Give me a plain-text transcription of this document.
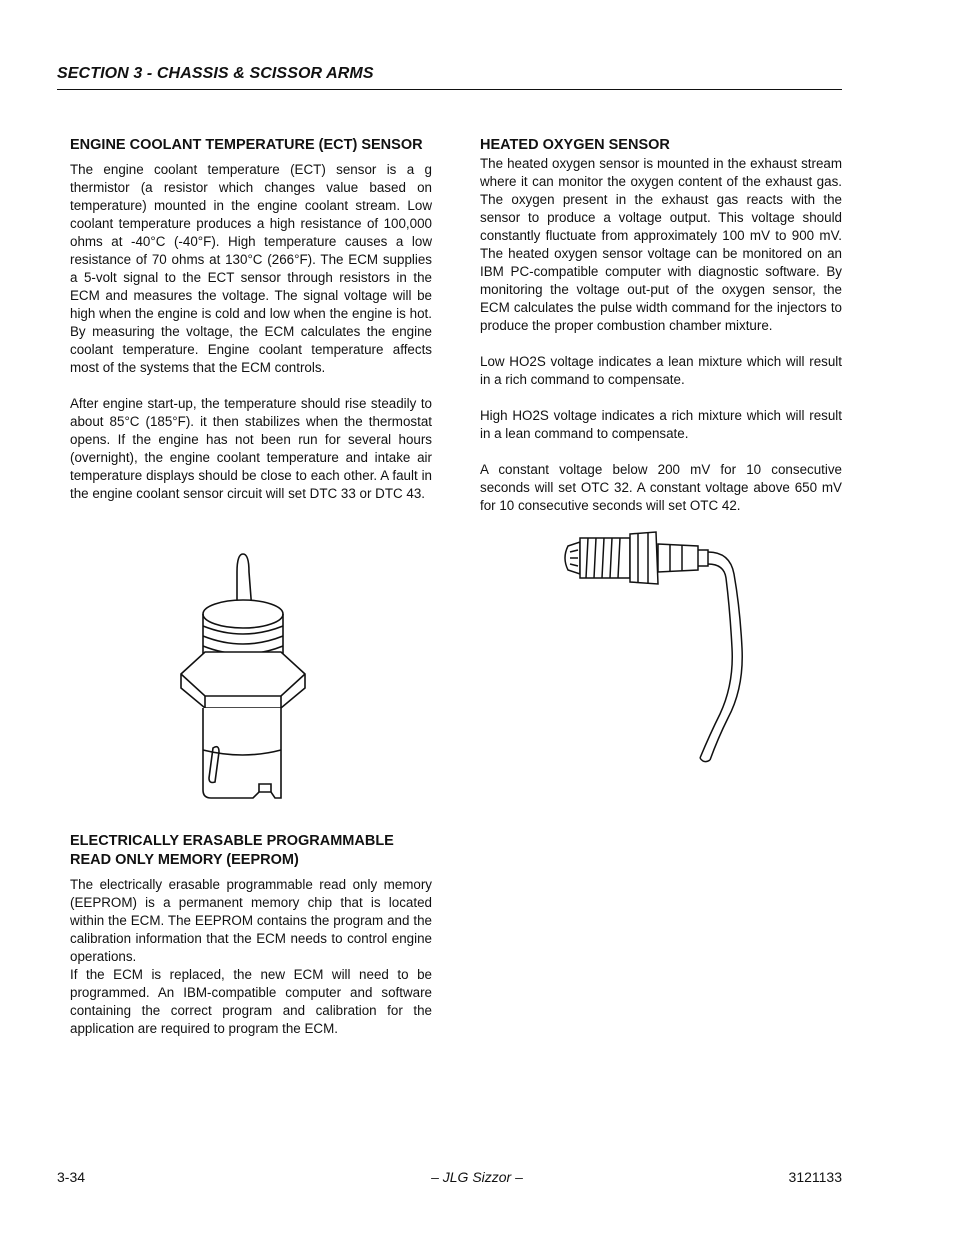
SECTION 3 - CHASSIS & SCISSOR ARMS
ENGINE COOLANT TEMPERATURE (ECT) SENSOR

The engine coolant temperature (ECT) sensor is a g thermistor (a resistor which changes value based on temperature) mounted in the engine coolant stream. Low coolant temperature produces a high resistance of 100,000 ohms at -40°C (-40°F). High temperature causes a low resistance of 70 ohms at 130°C (266°F). The ECM supplies a 5-volt signal to the ECT sensor through resistors in the ECM and measures the voltage. The signal voltage will be high when the engine is cold and low when the engine is hot. By measuring the voltage, the ECM calculates the engine coolant temperature. Engine coolant temperature affects most of the systems that the ECM controls.

After engine start-up, the temperature should rise steadily to about 85°C (185°F). it then stabilizes when the thermostat opens. If the engine has not been run for several hours (overnight), the engine coolant temperature and intake air temperature displays should be close to each other. A fault in the engine coolant sensor circuit will set DTC 33 or DTC 43.

ELECTRICALLY ERASABLE PROGRAMMABLE READ ONLY MEMORY (EEPROM)

The electrically erasable programmable read only memory (EEPROM) is a permanent memory chip that is located within the ECM. The EEPROM contains the program and the calibration information that the ECM needs to control engine operations.

If the ECM is replaced, the new ECM will need to be programmed. An IBM-compatible computer and software containing the correct program and calibration for the application are required to program the ECM.

HEATED OXYGEN SENSOR

The heated oxygen sensor is mounted in the exhaust stream where it can monitor the oxygen content of the exhaust gas. The oxygen present in the exhaust gas reacts with the sensor to produce a voltage output. This voltage should constantly fluctuate from approximately 100 mV to 900 mV. The heated oxygen sensor voltage can be monitored on an IBM PC-compatible computer with diagnostic software. By monitoring the voltage out-put of the oxygen sensor, the ECM calculates the pulse width command for the injectors to produce the proper combustion chamber mixture.

Low HO2S voltage indicates a lean mixture which will result in a rich command to compensate.

High HO2S voltage indicates a rich mixture which will result in a lean command to compensate.

A constant voltage below 200 mV for 10 consecutive seconds will set OTC 32. A constant voltage above 650 mV for 10 consecutive seconds will set OTC 42.

3-34	– JLG Sizzor –	3121133
